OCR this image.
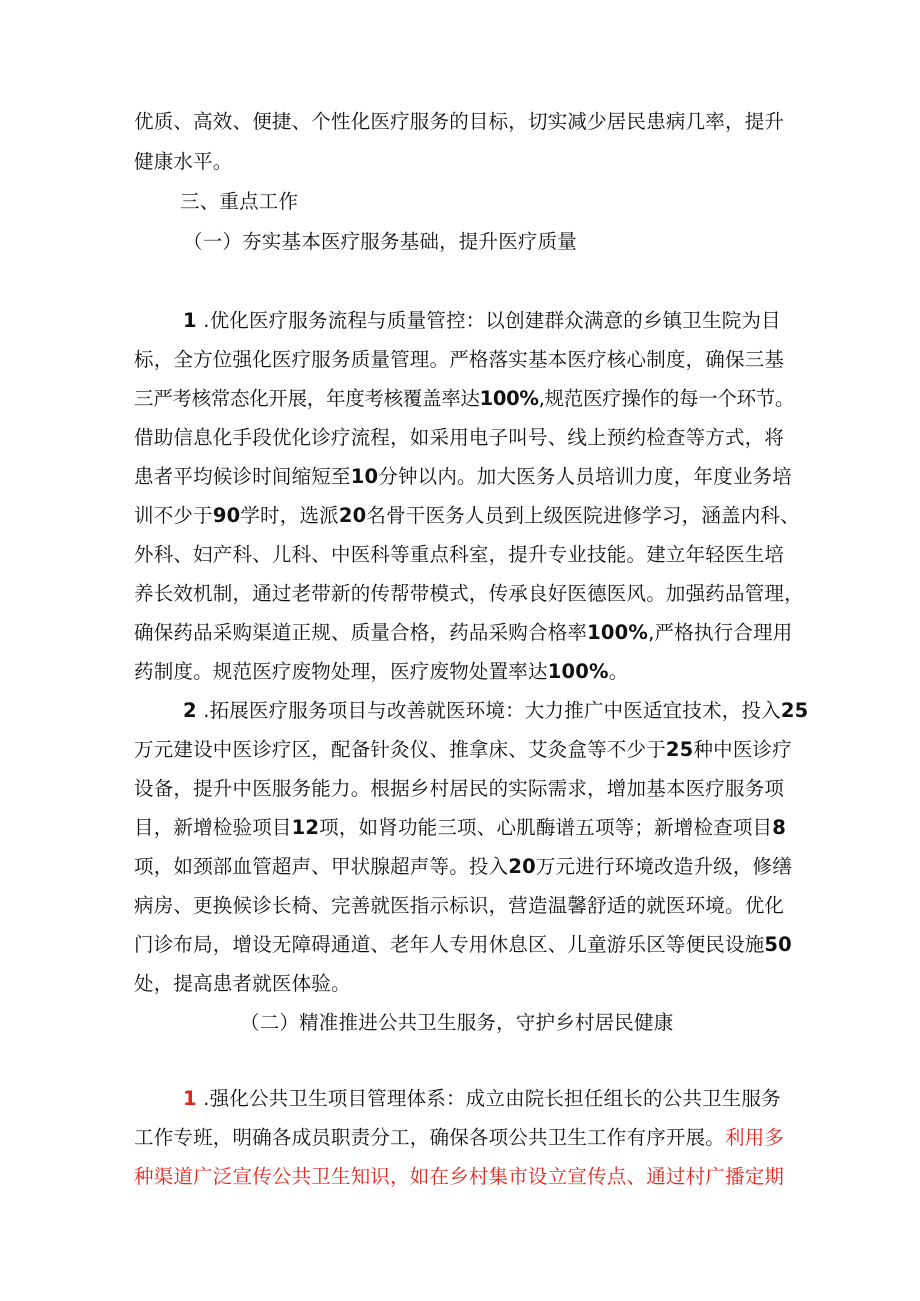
优质、高效、便捷、个性化医疗服务的目标，切实减少居民患病几率，提升
健康水平。
三、重点工作
（一）夯实基本医疗服务基础，提升医疗质量
1 .优化医疗服务流程与质量管控：以创建群众满意的乡镇卫生院为目
标，全方位强化医疗服务质量管理。严格落实基本医疗核心制度，确保三基
三严考核常态化开展，年度考核覆盖率达100%,规范医疗操作的每一个环节。
借助信息化手段优化诊疗流程，如采用电子叫号、线上预约检查等方式，将
患者平均候诊时间缩短至10分钟以内。加大医务人员培训力度，年度业务培
训不少于90学时，选派20名骨干医务人员到上级医院进修学习，涵盖内科、
外科、妇产科、儿科、中医科等重点科室，提升专业技能。建立年轻医生培
养长效机制，通过老带新的传帮带模式，传承良好医德医风。加强药品管理，
确保药品采购渠道正规、质量合格，药品采购合格率100%,严格执行合理用
药制度。规范医疗废物处理，医疗废物处置率达100%。
2 .拓展医疗服务项目与改善就医环境：大力推广中医适宜技术，投入25
万元建设中医诊疗区，配备针灸仪、推拿床、艾灸盒等不少于25种中医诊疗
设备，提升中医服务能力。根据乡村居民的实际需求，增加基本医疗服务项
目，新增检验项目12项，如肾功能三项、心肌酶谱五项等；新增检查项目8
项，如颈部血管超声、甲状腺超声等。投入20万元进行环境改造升级，修缮
病房、更换候诊长椅、完善就医指示标识，营造温馨舒适的就医环境。优化
门诊布局，增设无障碍通道、老年人专用休息区、儿童游乐区等便民设施50
处，提高患者就医体验。
（二）精准推进公共卫生服务，守护乡村居民健康
1 .强化公共卫生项目管理体系：成立由院长担任组长的公共卫生服务
工作专班，明确各成员职责分工，确保各项公共卫生工作有序开展。利用多
种渠道广泛宣传公共卫生知识，如在乡村集市设立宣传点、通过村广播定期
